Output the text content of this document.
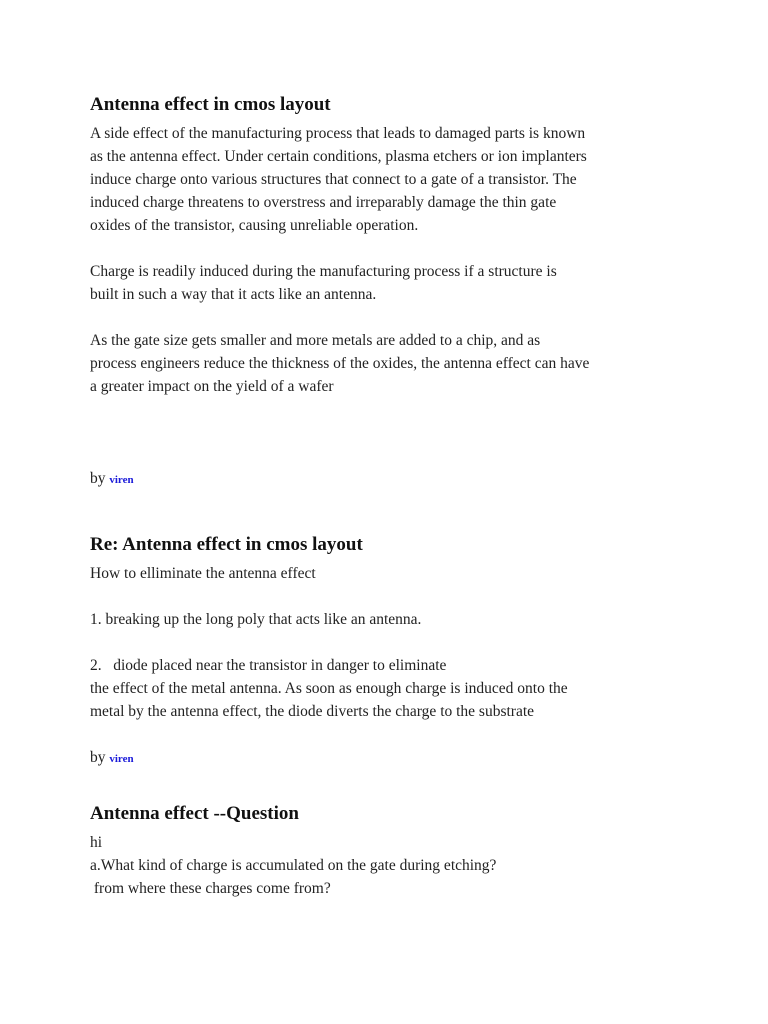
Antenna effect in cmos layout

A side effect of the manufacturing process that leads to damaged parts is known
as the antenna effect. Under certain conditions, plasma etchers or ion implanters
induce charge onto various structures that connect to a gate of a transistor. The
induced charge threatens to overstress and irreparably damage the thin gate
oxides of the transistor, causing unreliable operation.

Charge is readily induced during the manufacturing process if a structure is
built in such a way that it acts like an antenna.

As the gate size gets smaller and more metals are added to a chip, and as
process engineers reduce the thickness of the oxides, the antenna effect can have
a greater impact on the yield of a wafer

by viren

Re: Antenna effect in cmos layout

How to elliminate the antenna effect

1. breaking up the long poly that acts like an antenna.

2.   diode placed near the transistor in danger to eliminate
the effect of the metal antenna. As soon as enough charge is induced onto the
metal by the antenna effect, the diode diverts the charge to the substrate

by viren

Antenna effect --Question

hi
a.What kind of charge is accumulated on the gate during etching?
from where these charges come from?
